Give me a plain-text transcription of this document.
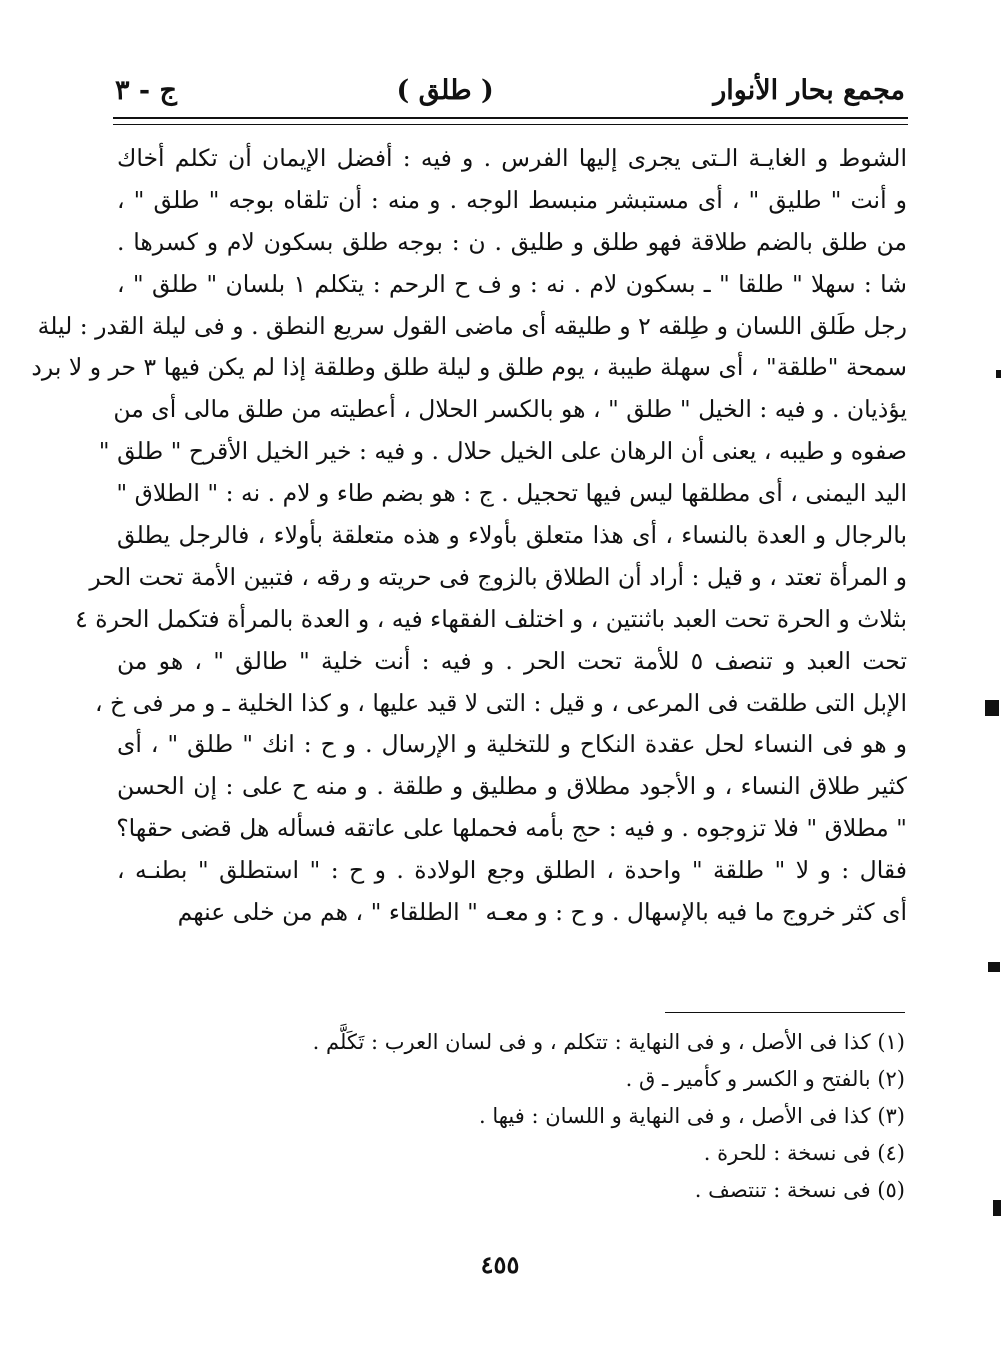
مجمع بحار الأنوار
( طلق )
ج - ٣
الشوط و الغايـة الـتى يجرى إليها الفرس . و فيه : أفضل الإيمان أن تكلم أخاك
و أنت " طليق " ، أى مستبشر منبسط الوجه . و منه : أن تلقاه بوجه " طلق " ،
من طلق بالضم طلاقة فهو طلق و طليق . ن : بوجه طلق بسكون لام و كسرها .
شا : سهلا " طلقا " ـ بسكون لام . نه : و ف ح الرحم : يتكلم ١ بلسان " طلق " ،
رجل طَلق اللسان و طِلقه ٢ و طليقه أى ماضى القول سريع النطق . و فى ليلة القدر : ليلة
سمحة "طلقة" ، أى سهلة طيبة ، يوم طلق و ليلة طلق وطلقة إذا لم يكن فيها ٣ حر و لا برد
يؤذيان . و فيه : الخيل " طلق " ، هو بالكسر الحلال ، أعطيته من طلق مالى أى من
صفوه و طيبه ، يعنى أن الرهان على الخيل حلال . و فيه : خير الخيل الأقرح " طلق "
اليد اليمنى ، أى مطلقها ليس فيها تحجيل . ج : هو بضم طاء و لام . نه : " الطلاق "
بالرجال و العدة بالنساء ، أى هذا متعلق بأولاء و هذه متعلقة بأولاء ، فالرجل يطلق
و المرأة تعتد ، و قيل : أراد أن الطلاق بالزوج فى حريته و رقه ، فتبين الأمة تحت الحر
بثلاث و الحرة تحت العبد باثنتين ، و اختلف الفقهاء فيه ، و العدة بالمرأة فتكمل الحرة ٤
تحت العبد و تنصف ٥ للأمة تحت الحر . و فيه : أنت خلية " طالق " ، هو من
الإبل التى طلقت فى المرعى ، و قيل : التى لا قيد عليها ، و كذا الخلية ـ و مر فى خ ،
و هو فى النساء لحل عقدة النكاح و للتخلية و الإرسال . و ح : انك " طلق " ، أى
كثير طلاق النساء ، و الأجود مطلاق و مطليق و طلقة . و منه ح على : إن الحسن
" مطلاق " فلا تزوجوه . و فيه : حج بأمه فحملها على عاتقه فسأله هل قضى حقها؟
فقال : و لا " طلقة " واحدة ، الطلق وجع الولادة . و ح : " استطلق " بطنـه ،
أى كثر خروج ما فيه بالإسهال . و ح : و معـه " الطلقاء " ، هم من خلى عنهم
(١) كذا فى الأصل ، و فى النهاية : تتكلم ، و فى لسان العرب : تَكَلَّم .
(٢) بالفتح و الكسر و كأمير ـ ق .
(٣) كذا فى الأصل ، و فى النهاية و اللسان : فيها .
(٤) فى نسخة : للحرة .
(٥) فى نسخة : تنتصف .
٤٥٥
